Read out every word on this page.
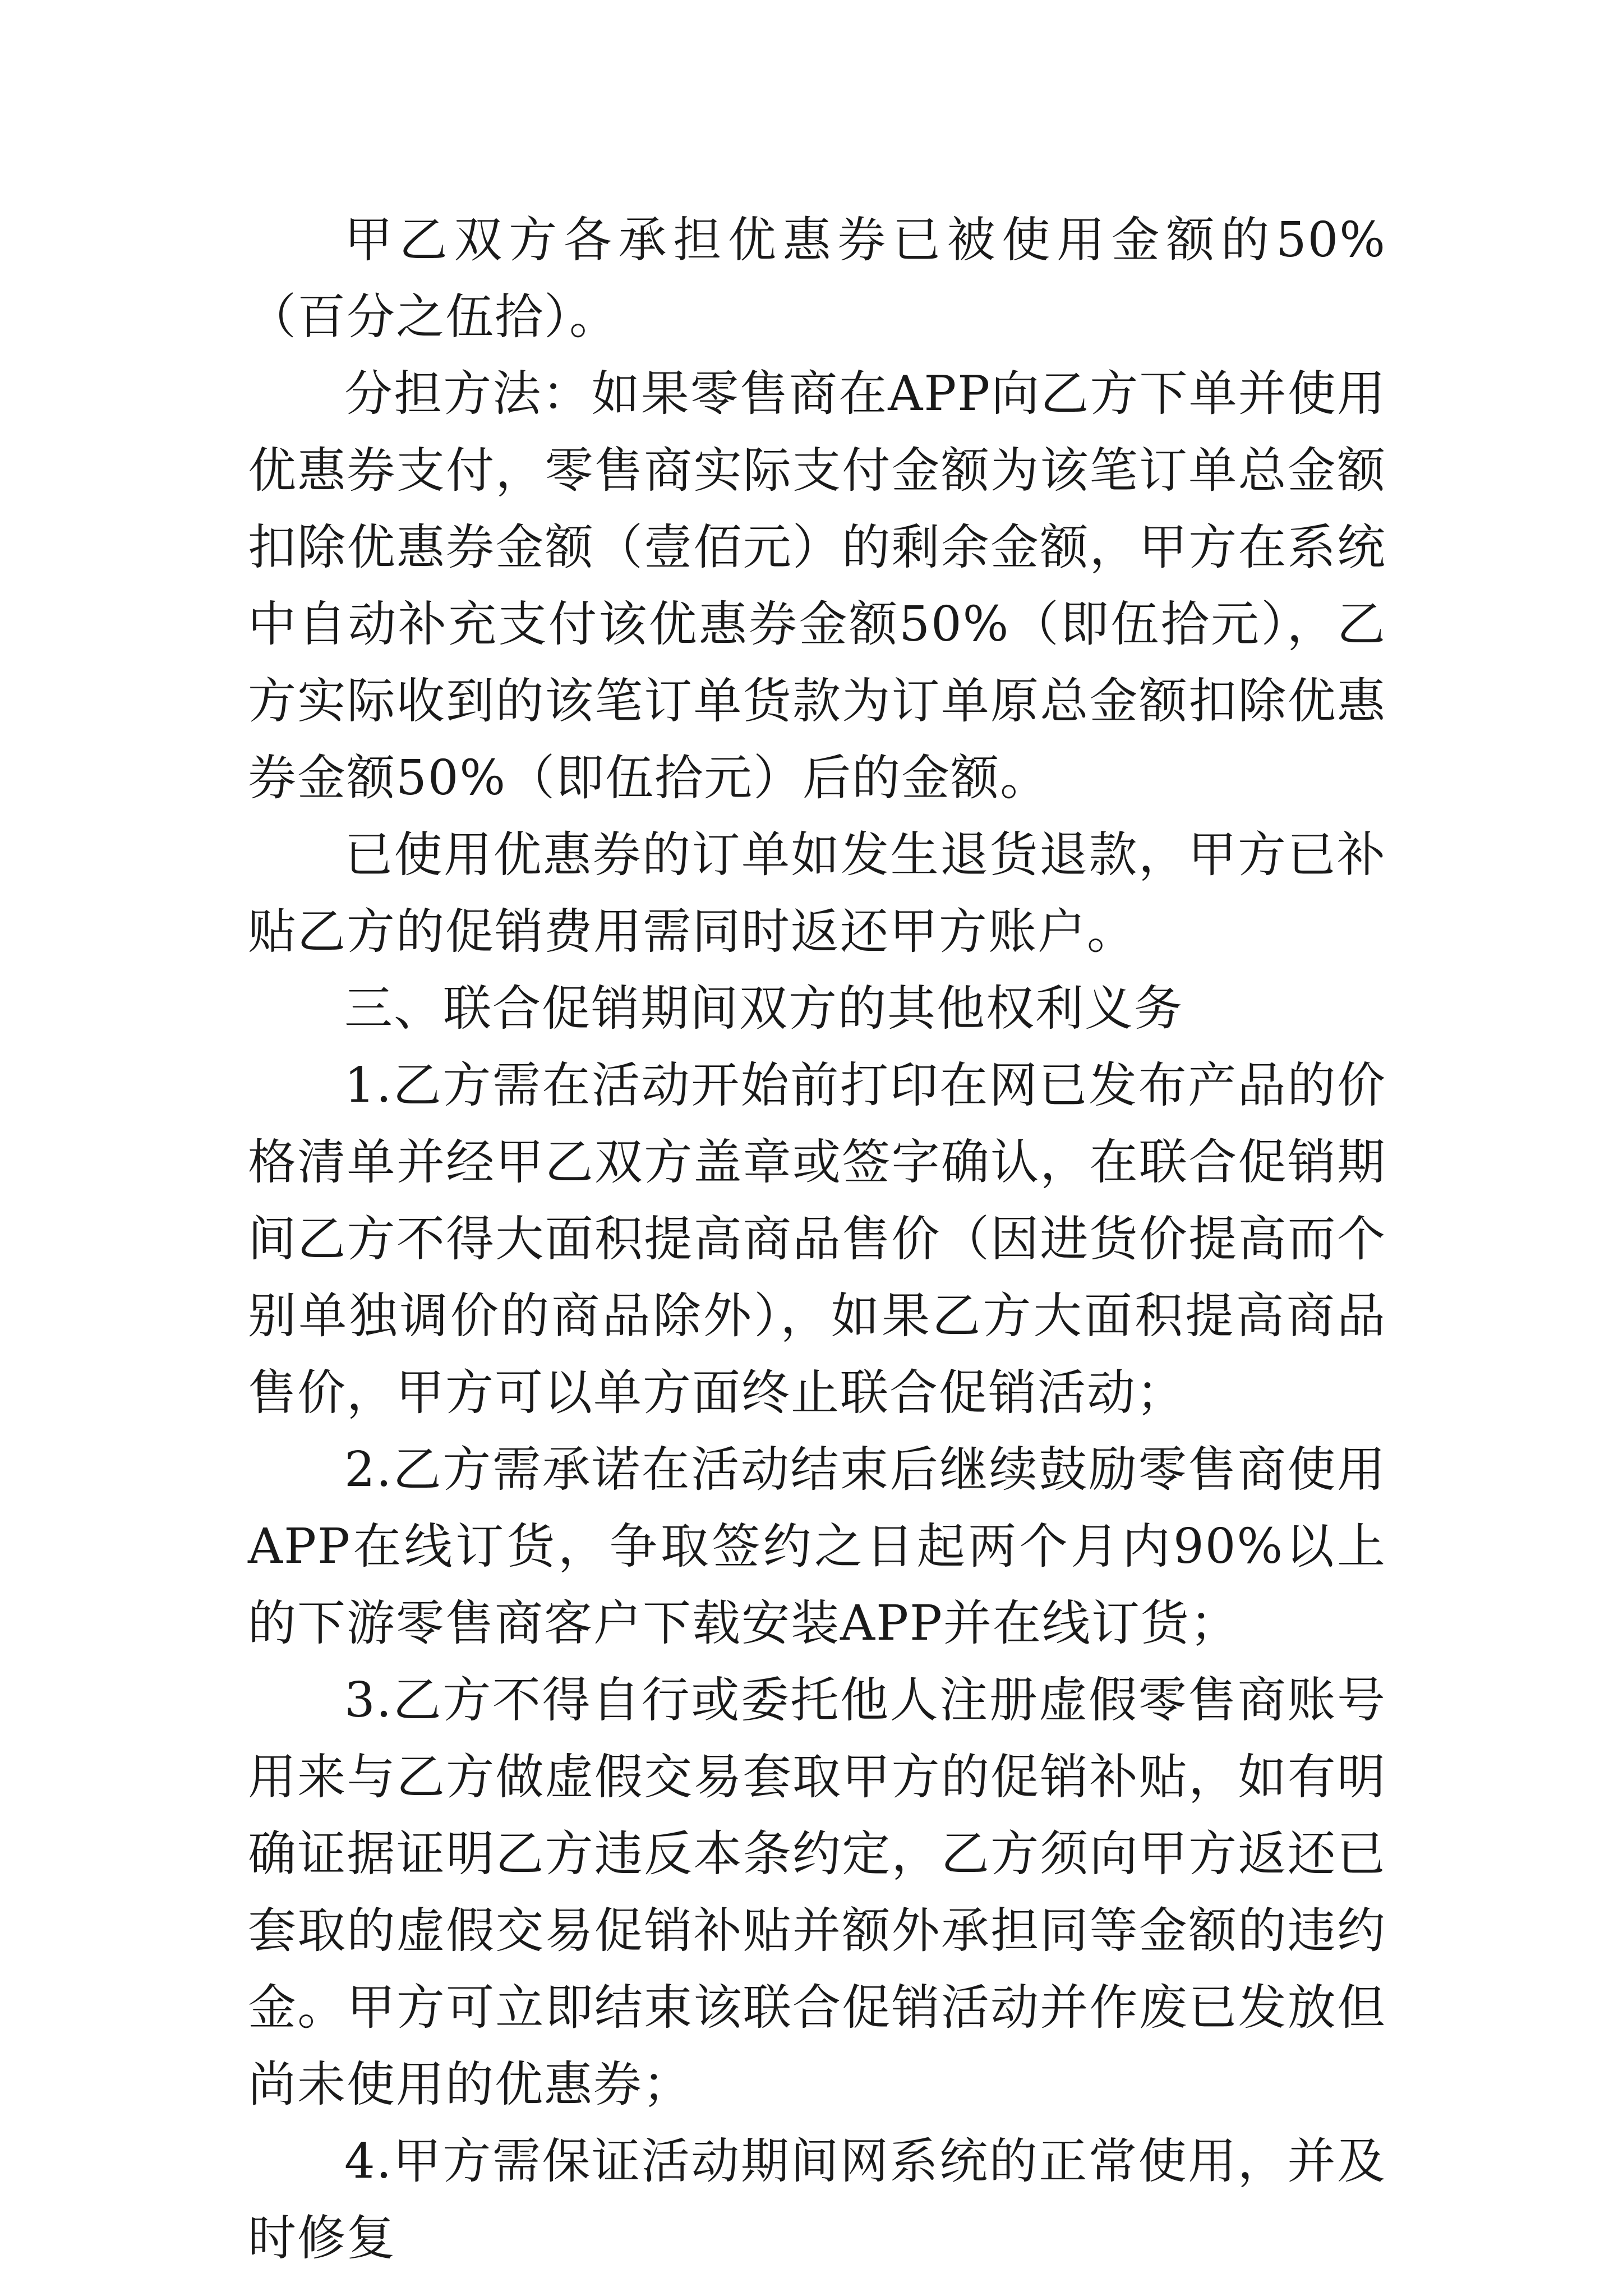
甲乙双方各承担优惠券已被使用金额的50%（百分之伍拾）。

分担方法：如果零售商在APP向乙方下单并使用优惠券支付，零售商实际支付金额为该笔订单总金额扣除优惠券金额（壹佰元）的剩余金额，甲方在系统中自动补充支付该优惠券金额50%（即伍拾元），乙方实际收到的该笔订单货款为订单原总金额扣除优惠券金额50%（即伍拾元）后的金额。

已使用优惠券的订单如发生退货退款，甲方已补贴乙方的促销费用需同时返还甲方账户。

三、联合促销期间双方的其他权利义务

1.乙方需在活动开始前打印在网已发布产品的价格清单并经甲乙双方盖章或签字确认，在联合促销期间乙方不得大面积提高商品售价（因进货价提高而个别单独调价的商品除外），如果乙方大面积提高商品售价，甲方可以单方面终止联合促销活动；

2.乙方需承诺在活动结束后继续鼓励零售商使用APP在线订货，争取签约之日起两个月内90%以上的下游零售商客户下载安装APP并在线订货；

3.乙方不得自行或委托他人注册虚假零售商账号用来与乙方做虚假交易套取甲方的促销补贴，如有明确证据证明乙方违反本条约定，乙方须向甲方返还已套取的虚假交易促销补贴并额外承担同等金额的违约金。甲方可立即结束该联合促销活动并作废已发放但尚未使用的优惠券；

4.甲方需保证活动期间网系统的正常使用，并及时修复
